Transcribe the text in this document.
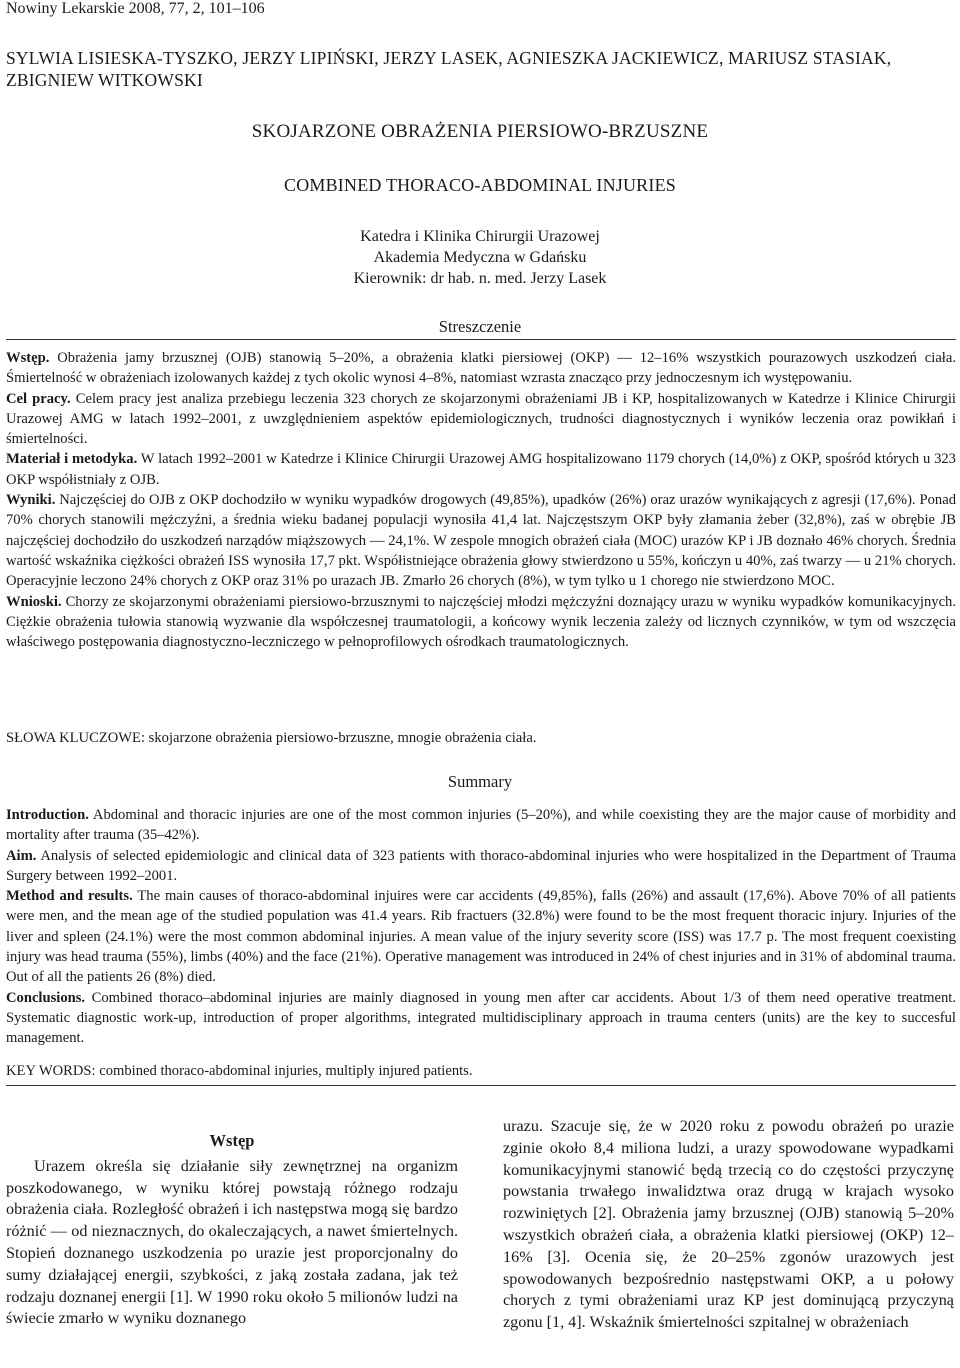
Nowiny Lekarskie 2008, 77, 2, 101–106
SYLWIA LISIESKA-TYSZKO, JERZY LIPIŃSKI, JERZY LASEK, AGNIESZKA JACKIEWICZ, MARIUSZ STASIAK, ZBIGNIEW WITKOWSKI
SKOJARZONE OBRAŻENIA PIERSIOWO-BRZUSZNE
COMBINED THORACO-ABDOMINAL INJURIES
Katedra i Klinika Chirurgii Urazowej
Akademia Medyczna w Gdańsku
Kierownik: dr hab. n. med. Jerzy Lasek
Streszczenie

Wstęp. Obrażenia jamy brzusznej (OJB) stanowią 5–20%, a obrażenia klatki piersiowej (OKP) — 12–16% wszystkich pourazowych uszkodzeń ciała. Śmiertelność w obrażeniach izolowanych każdej z tych okolic wynosi 4–8%, natomiast wzrasta znacząco przy jednoczesnym ich występowaniu.

Cel pracy. Celem pracy jest analiza przebiegu leczenia 323 chorych ze skojarzonymi obrażeniami JB i KP, hospitalizowanych w Katedrze i Klinice Chirurgii Urazowej AMG w latach 1992–2001, z uwzględnieniem aspektów epidemiologicznych, trudności diagnostycznych i wyników leczenia oraz powikłań i śmiertelności.

Materiał i metodyka. W latach 1992–2001 w Katedrze i Klinice Chirurgii Urazowej AMG hospitalizowano 1179 chorych (14,0%) z OKP, spośród których u 323 OKP współistniały z OJB.

Wyniki. Najczęściej do OJB z OKP dochodziło w wyniku wypadków drogowych (49,85%), upadków (26%) oraz urazów wynikających z agresji (17,6%). Ponad 70% chorych stanowili mężczyźni, a średnia wieku badanej populacji wynosiła 41,4 lat. Najczęstszym OKP były złamania żeber (32,8%), zaś w obrębie JB najczęściej dochodziło do uszkodzeń narządów miąższowych — 24,1%. W zespole mnogich obrażeń ciała (MOC) urazów KP i JB doznało 46% chorych. Średnia wartość wskaźnika ciężkości obrażeń ISS wynosiła 17,7 pkt. Współistniejące obrażenia głowy stwierdzono u 55%, kończyn u 40%, zaś twarzy — u 21% chorych. Operacyjnie leczono 24% chorych z OKP oraz 31% po urazach JB. Zmarło 26 chorych (8%), w tym tylko u 1 chorego nie stwierdzono MOC.

Wnioski. Chorzy ze skojarzonymi obrażeniami piersiowo-brzusznymi to najczęściej młodzi mężczyźni doznający urazu w wyniku wypadków komunikacyjnych. Ciężkie obrażenia tułowia stanowią wyzwanie dla współczesnej traumatologii, a końcowy wynik leczenia zależy od licznych czynników, w tym od wszczęcia właściwego postępowania diagnostyczno-leczniczego w pełnoprofilowych ośrodkach traumatologicznych.

SŁOWA KLUCZOWE: skojarzone obrażenia piersiowo-brzuszne, mnogie obrażenia ciała.
Summary

Introduction. Abdominal and thoracic injuries are one of the most common injuries (5–20%), and while coexisting they are the major cause of morbidity and mortality after trauma (35–42%).

Aim. Analysis of selected epidemiologic and clinical data of 323 patients with thoraco-abdominal injuries who were hospitalized in the Department of Trauma Surgery between 1992–2001.

Method and results. The main causes of thoraco-abdominal injuires were car accidents (49,85%), falls (26%) and assault (17,6%). Above 70% of all patients were men, and the mean age of the studied population was 41.4 years. Rib fractuers (32.8%) were found to be the most frequent thoracic injury. Injuries of the liver and spleen (24.1%) were the most common abdominal injuries. A mean value of the injury severity score (ISS) was 17.7 p. The most frequent coexisting injury was head trauma (55%), limbs (40%) and the face (21%). Operative management was introduced in 24% of chest injuries and in 31% of abdominal trauma. Out of all the patients 26 (8%) died.

Conclusions. Combined thoraco–abdominal injuries are mainly diagnosed in young men after car accidents. About 1/3 of them need operative treatment. Systematic diagnostic work-up, introduction of proper algorithms, integrated multidisciplinary approach in trauma centers (units) are the key to succesful management.

KEY WORDS: combined thoraco-abdominal injuries, multiply injured patients.
Wstęp

Urazem określa się działanie siły zewnętrznej na organizm poszkodowanego, w wyniku której powstają różnego rodzaju obrażenia ciała. Rozległość obrażeń i ich następstwa mogą się bardzo różnić — od nieznacznych, do okaleczających, a nawet śmiertelnych. Stopień doznanego uszkodzenia po urazie jest proporcjonalny do sumy działającej energii, szybkości, z jaką została zadana, jak też rodzaju doznanej energii [1]. W 1990 roku około 5 milionów ludzi na świecie zmarło w wyniku doznanego

urazu. Szacuje się, że w 2020 roku z powodu obrażeń po urazie zginie około 8,4 miliona ludzi, a urazy spowodowane wypadkami komunikacyjnymi stanowić będą trzecią co do częstości przyczynę powstania trwałego inwalidztwa oraz drugą w krajach wysoko rozwiniętych [2]. Obrażenia jamy brzusznej (OJB) stanowią 5–20% wszystkich obrażeń ciała, a obrażenia klatki piersiowej (OKP) 12–16% [3]. Ocenia się, że 20–25% zgonów urazowych jest spowodowanych bezpośrednio następstwami OKP, a u połowy chorych z tymi obrażeniami uraz KP jest dominującą przyczyną zgonu [1, 4]. Wskaźnik śmiertelności szpitalnej w obrażeniach
